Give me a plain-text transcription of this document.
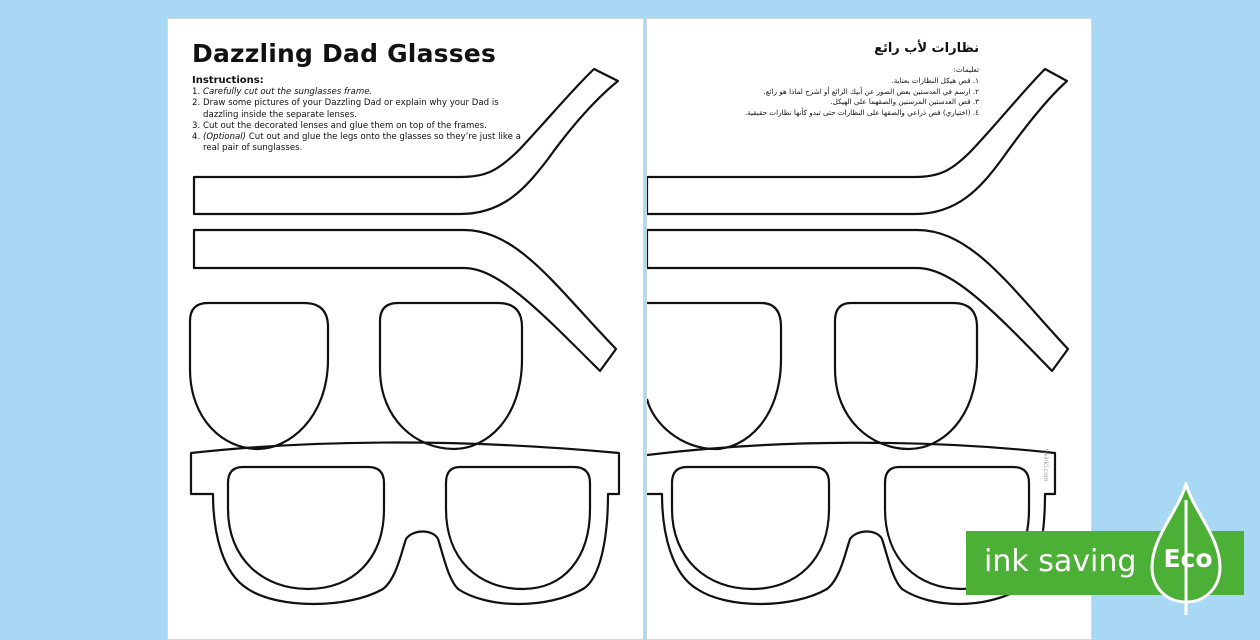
Dazzling Dad Glasses
Instructions:
1. Carefully cut out the sunglasses frame.
2. Draw some pictures of your Dazzling Dad or explain why your Dad is
dazzling inside the separate lenses.
3. Cut out the decorated lenses and glue them on top of the frames.
4. (Optional) Cut out and glue the legs onto the glasses so they’re just like a
real pair of sunglasses.
نظارات لأب رائع
تعليمات:
١. قص هيكل النظارات بعناية.
٢. ارسم في العدستين بعض الصور عن أبيك الرائع أو اشرح لماذا هو رائع.
٣. قص العدستين المرسنين والصقهما على الهيكل.
٤. (اختياري) قص ذراعي والصقها على النظارات حتى تبدو كأنها نظارات حقيقية.
twinkl.com
ink saving	Eco
